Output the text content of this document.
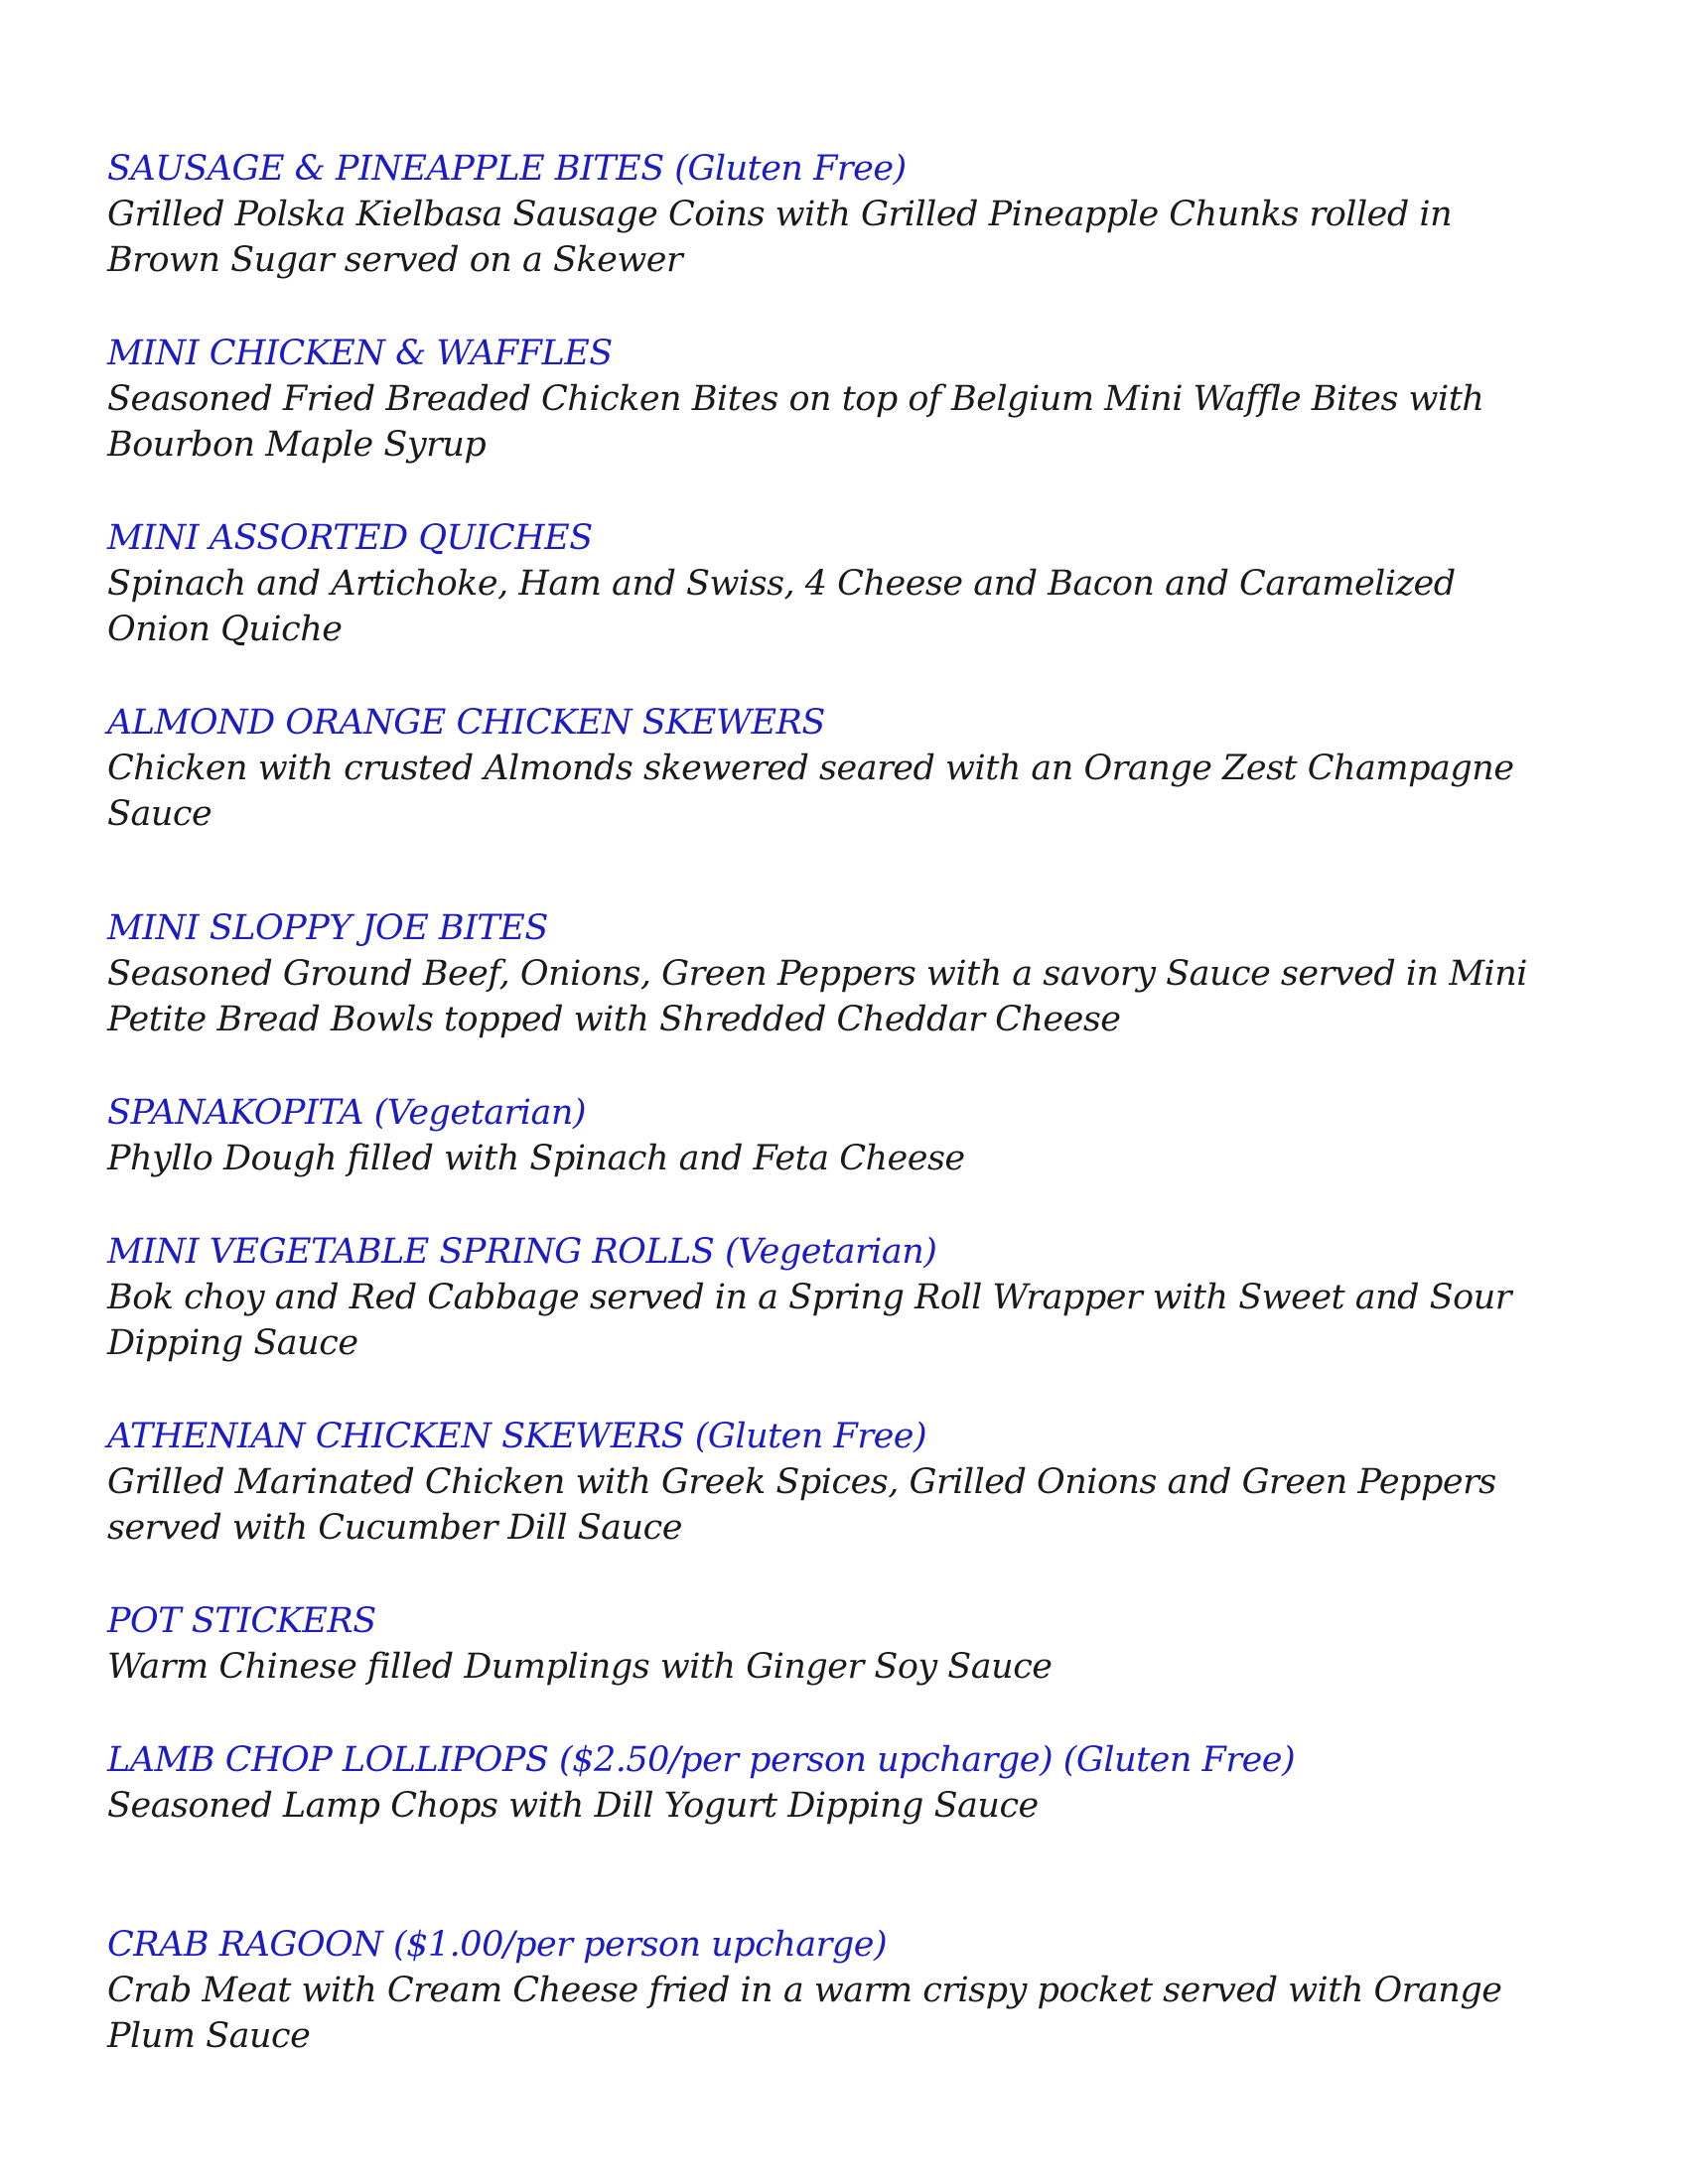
SAUSAGE & PINEAPPLE BITES (Gluten Free)
Grilled Polska Kielbasa Sausage Coins with Grilled Pineapple Chunks rolled in Brown Sugar served on a Skewer
MINI CHICKEN & WAFFLES
Seasoned Fried Breaded Chicken Bites on top of Belgium Mini Waffle Bites with Bourbon Maple Syrup
MINI ASSORTED QUICHES
Spinach and Artichoke, Ham and Swiss, 4 Cheese and Bacon and Caramelized Onion Quiche
ALMOND ORANGE CHICKEN SKEWERS
Chicken with crusted Almonds skewered seared with an Orange Zest Champagne Sauce
MINI SLOPPY JOE BITES
Seasoned Ground Beef, Onions, Green Peppers with a savory Sauce served in Mini Petite Bread Bowls topped with Shredded Cheddar Cheese
SPANAKOPITA (Vegetarian)
Phyllo Dough filled with Spinach and Feta Cheese
MINI VEGETABLE SPRING ROLLS (Vegetarian)
Bok choy and Red Cabbage served in a Spring Roll Wrapper with Sweet and Sour Dipping Sauce
ATHENIAN CHICKEN SKEWERS (Gluten Free)
Grilled Marinated Chicken with Greek Spices, Grilled Onions and Green Peppers served with Cucumber Dill Sauce
POT STICKERS
Warm Chinese filled Dumplings with Ginger Soy Sauce
LAMB CHOP LOLLIPOPS ($2.50/per person upcharge) (Gluten Free)
Seasoned Lamp Chops with Dill Yogurt Dipping Sauce
CRAB RAGOON ($1.00/per person upcharge)
Crab Meat with Cream Cheese fried in a warm crispy pocket served with Orange Plum Sauce
